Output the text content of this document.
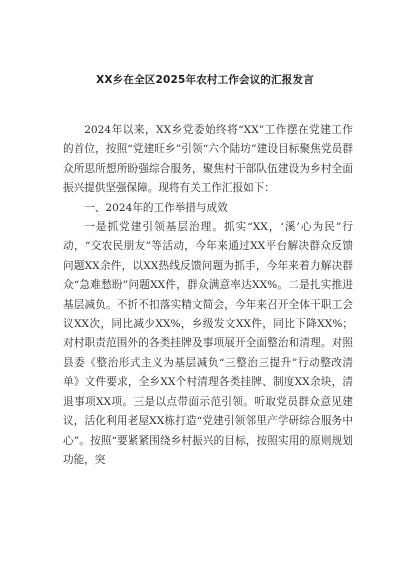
XX乡在全区2025年农村工作会议的汇报发言

2024年以来，XX乡党委始终将“XX”工作摆在党建工作的首位，按照“党建旺乡”引领“六个陆坊”建设目标聚焦党员群众所思所想所盼强综合服务，聚焦村干部队伍建设为乡村全面振兴提供坚强保障。现将有关工作汇报如下：

一、2024年的工作举措与成效

一是抓党建引领基层治理。抓实“XX，‘溪’心为民”行动，“交农民朋友”等活动，今年来通过XX平台解决群众反馈问题XX余件，以XX热线反馈问题为抓手，今年来着力解决群众“急难愁盼”问题XX件，群众满意率达XX%。二是扎实推进基层减负。不折不扣落实精文简会，今年来召开全体干职工会议XX次，同比减少XX%，乡级发文XX件，同比下降XX%；对村职责范围外的各类挂牌及事项展开全面整治和清理。对照县委《整治形式主义为基层减负“三整治三提升”行动整改清单》文件要求，全乡XX个村清理各类挂牌、制度XX余块，清退事项XX项。三是以点带面示范引领。听取党员群众意见建议，活化利用老屋XX栋打造“党建引领邻里产学研综合服务中心”。按照“要紧紧围绕乡村振兴的目标，按照实用的原则规划功能，突
